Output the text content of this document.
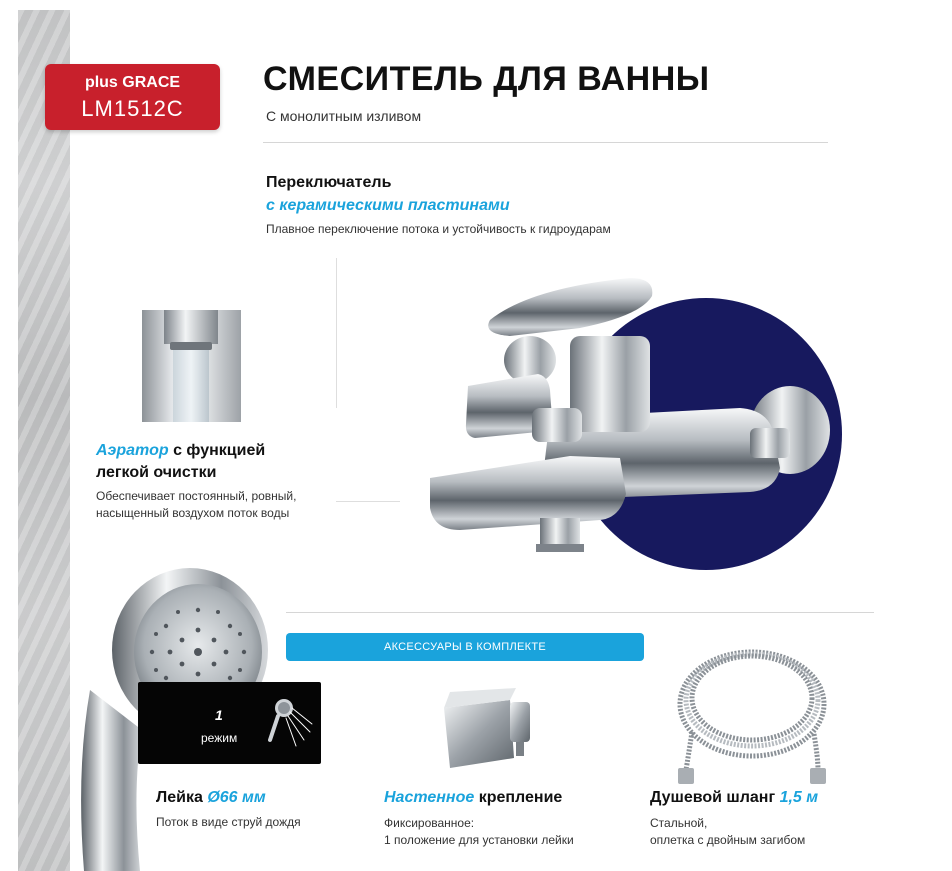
plus GRACE
LM1512C
СМЕСИТЕЛЬ ДЛЯ ВАННЫ
С монолитным изливом
Переключатель
с керамическими пластинами
Плавное переключение потока и устойчивость к гидроударам
Аэратор с функцией
легкой очистки
Обеспечивает постоянный, ровный,
насыщенный воздухом поток воды
АКСЕССУАРЫ В КОМПЛЕКТЕ
1
режим
Лейка Ø66 мм
Поток в виде струй дождя
Настенное крепление
Фиксированное:
1 положение для установки лейки
Душевой шланг 1,5 м
Стальной,
оплетка с двойным загибом
